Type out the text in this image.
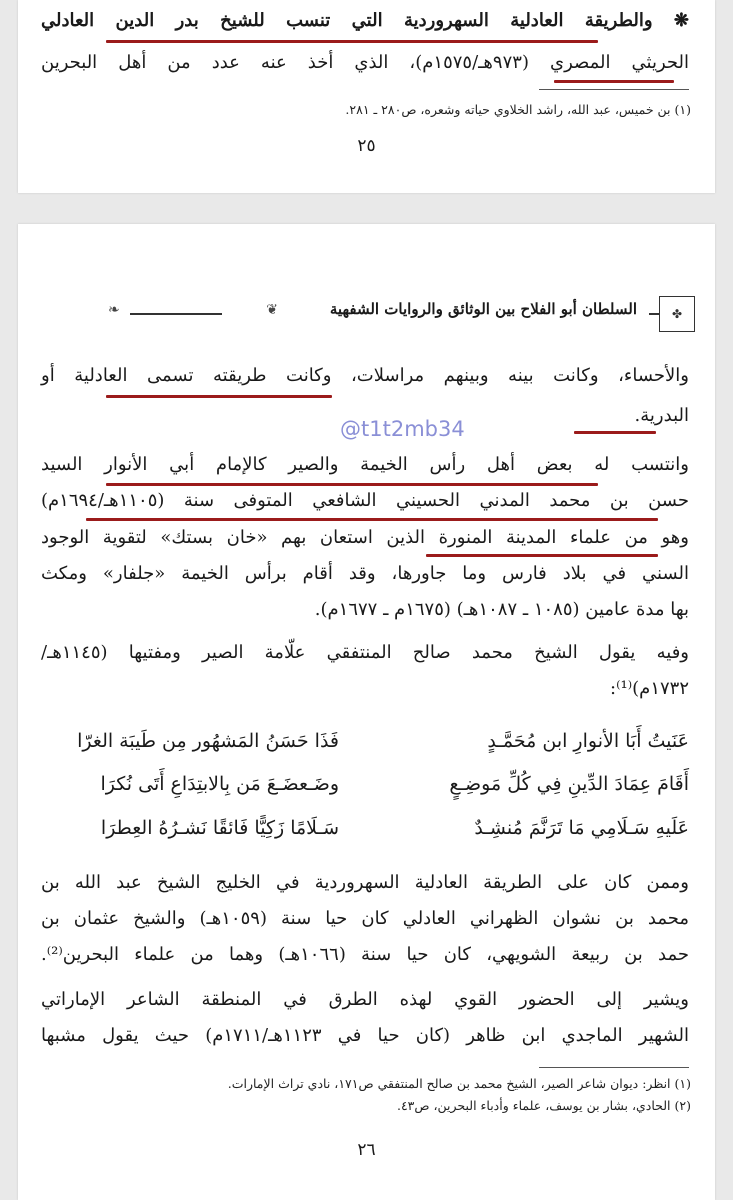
❋ والطريقة العادلية السهروردية التي تنسب للشيخ بدر الدين العادلي
الحريثي المصري (٩٧٣هـ/١٥٧٥م)، الذي أخذ عنه عدد من أهل البحرين
(١) بن خميس، عبد الله، راشد الخلاوي حياته وشعره، ص٢٨٠ ـ ٢٨١.
٢٥
✤
السلطان أبو الفلاح بين الوثائق والروايات الشفهية
❦
❧
والأحساء، وكانت بينه وبينهم مراسلات، وكانت طريقته تسمى العادلية أو
البدرية.
@t1t2mb34
وانتسب له بعض أهل رأس الخيمة والصير كالإمام أبي الأنوار السيد
حسن بن محمد المدني الحسيني الشافعي المتوفى سنة (١١٠٥هـ/١٦٩٤م)
وهو من علماء المدينة المنورة الذين استعان بهم «خان بستك» لتقوية الوجود
السني في بلاد فارس وما جاورها، وقد أقام برأس الخيمة «جلفار» ومكث
بها مدة عامين (١٠٨٥ ـ ١٠٨٧هـ) (١٦٧٥م ـ ١٦٧٧م).
وفيه يقول الشيخ محمد صالح المنتفقي علّامة الصير ومفتيها (١١٤٥هـ/
١٧٣٢م)⁽¹⁾:
عَنَيتُ أَبَا الأنوارِ ابن مُحَمَّـدٍ
فَذَا حَسَنُ المَشهُور مِن طَيبَة الغرّا
أَقَامَ عِمَادَ الدِّينِ فِي كُلِّ مَوضِـعٍ
وضَـعضَـعَ مَن بِالابتِدَاعِ أَتَى نُكرَا
عَلَيهِ سَـلَامِي مَا تَرَنَّمَ مُنشِـدٌ
سَـلَامًا زَكِيًّا فَائقًا نَشـرُهُ العِطرَا
وممن كان على الطريقة العادلية السهروردية في الخليج الشيخ عبد الله بن
محمد بن نشوان الظهراني العادلي كان حيا سنة (١٠٥٩هـ) والشيخ عثمان بن
حمد بن ربيعة الشويهي، كان حيا سنة (١٠٦٦هـ) وهما من علماء البحرين⁽²⁾.
ويشير إلى الحضور القوي لهذه الطرق في المنطقة الشاعر الإماراتي
الشهير الماجدي ابن ظاهر (كان حيا في ١١٢٣هـ/١٧١١م) حيث يقول مشبها
(١) انظر: ديوان شاعر الصير، الشيخ محمد بن صالح المنتفقي ص١٧١، نادي تراث الإمارات.
(٢) الحادي، بشار بن يوسف، علماء وأدباء البحرين، ص٤٣.
٢٦
